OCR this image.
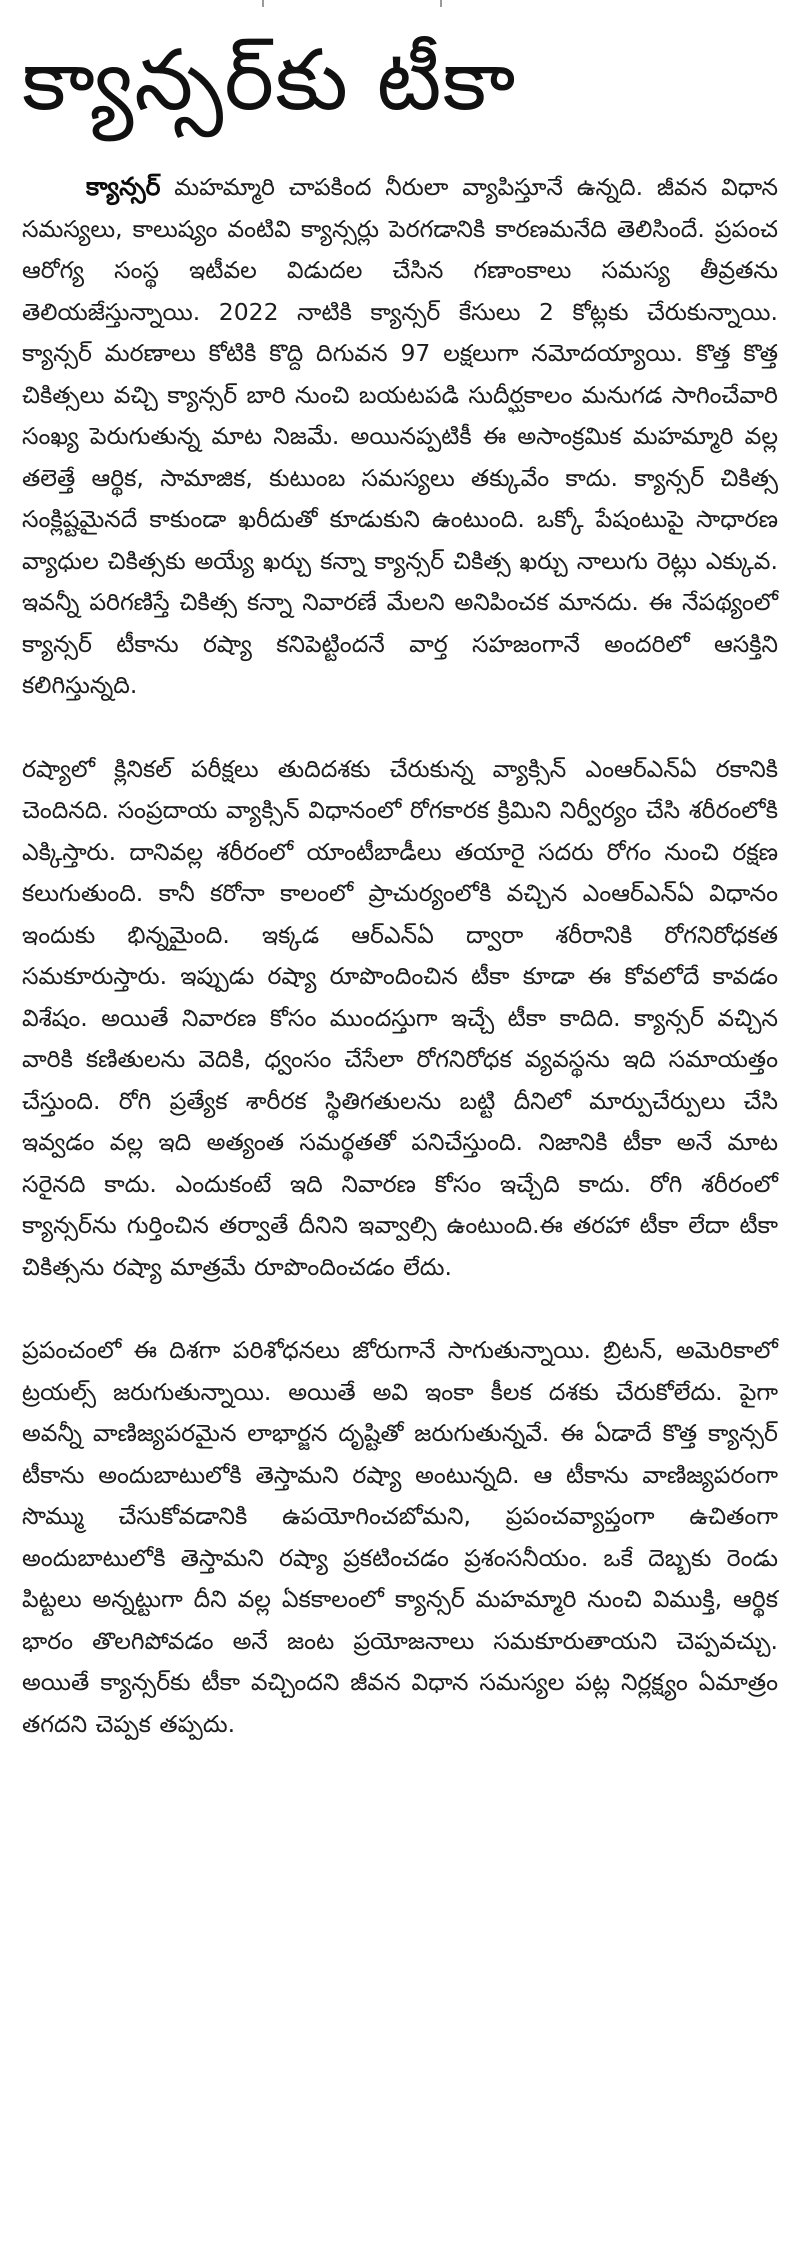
క్యాన్సర్‌కు టీకా

క్యాన్సర్ మహమ్మారి చాపకింద నీరులా వ్యాపిస్తూనే ఉన్నది. జీవన విధాన సమస్యలు, కాలుష్యం వంటివి క్యాన్సర్లు పెరగడానికి కారణమనేది తెలిసిందే. ప్రపంచ ఆరోగ్య సంస్థ ఇటీవల విడుదల చేసిన గణాంకాలు సమస్య తీవ్రతను తెలియజేస్తున్నాయి. 2022 నాటికి క్యాన్సర్ కేసులు 2 కోట్లకు చేరుకున్నాయి. క్యాన్సర్ మరణాలు కోటికి కొద్ది దిగువన 97 లక్షలుగా నమోదయ్యాయి. కొత్త కొత్త చికిత్సలు వచ్చి క్యాన్సర్ బారి నుంచి బయటపడి సుదీర్ఘకాలం మనుగడ సాగించేవారి సంఖ్య పెరుగుతున్న మాట నిజమే. అయినప్పటికీ ఈ అసాంక్రమిక మహమ్మారి వల్ల తలెత్తే ఆర్థిక, సామాజిక, కుటుంబ సమస్యలు తక్కువేం కాదు. క్యాన్సర్ చికిత్స సంక్లిష్టమైనదే కాకుండా ఖరీదుతో కూడుకుని ఉంటుంది. ఒక్కో పేషంటుపై సాధారణ వ్యాధుల చికిత్సకు అయ్యే ఖర్చు కన్నా క్యాన్సర్ చికిత్స ఖర్చు నాలుగు రెట్లు ఎక్కువ. ఇవన్నీ పరిగణిస్తే చికిత్స కన్నా నివారణే మేలని అనిపించక మానదు. ఈ నేపథ్యంలో క్యాన్సర్ టీకాను రష్యా కనిపెట్టిందనే వార్త సహజంగానే అందరిలో ఆసక్తిని కలిగిస్తున్నది.

రష్యాలో క్లినికల్ పరీక్షలు తుదిదశకు చేరుకున్న వ్యాక్సిన్ ఎంఆర్ఎన్ఏ రకానికి చెందినది. సంప్రదాయ వ్యాక్సిన్ విధానంలో రోగకారక క్రిమిని నిర్వీర్యం చేసి శరీరంలోకి ఎక్కిస్తారు. దానివల్ల శరీరంలో యాంటీబాడీలు తయారై సదరు రోగం నుంచి రక్షణ కలుగుతుంది. కానీ కరోనా కాలంలో ప్రాచుర్యంలోకి వచ్చిన ఎంఆర్ఎన్ఏ విధానం ఇందుకు భిన్నమైంది. ఇక్కడ ఆర్ఎన్ఏ ద్వారా శరీరానికి రోగనిరోధకత సమకూరుస్తారు. ఇప్పుడు రష్యా రూపొందించిన టీకా కూడా ఈ కోవలోదే కావడం విశేషం. అయితే నివారణ కోసం ముందస్తుగా ఇచ్చే టీకా కాదిది. క్యాన్సర్ వచ్చిన వారికి కణితులను వెదికి, ధ్వంసం చేసేలా రోగనిరోధక వ్యవస్థను ఇది సమాయత్తం చేస్తుంది. రోగి ప్రత్యేక శారీరక స్థితిగతులను బట్టి దీనిలో మార్పుచేర్పులు చేసి ఇవ్వడం వల్ల ఇది అత్యంత సమర్థతతో పనిచేస్తుంది. నిజానికి టీకా అనే మాట సరైనది కాదు. ఎందుకంటే ఇది నివారణ కోసం ఇచ్చేది కాదు. రోగి శరీరంలో క్యాన్సర్‌ను గుర్తించిన తర్వాతే దీనిని ఇవ్వాల్సి ఉంటుంది.ఈ తరహా టీకా లేదా టీకా చికిత్సను రష్యా మాత్రమే రూపొందించడం లేదు.

ప్రపంచంలో ఈ దిశగా పరిశోధనలు జోరుగానే సాగుతున్నాయి. బ్రిటన్, అమెరికాలో ట్రయల్స్ జరుగుతున్నాయి. అయితే అవి ఇంకా కీలక దశకు చేరుకోలేదు. పైగా అవన్నీ వాణిజ్యపరమైన లాభార్జన దృష్టితో జరుగుతున్నవే. ఈ ఏడాదే కొత్త క్యాన్సర్ టీకాను అందుబాటులోకి తెస్తామని రష్యా అంటున్నది. ఆ టీకాను వాణిజ్యపరంగా సొమ్ము చేసుకోవడానికి ఉపయోగించబోమని, ప్రపంచవ్యాప్తంగా ఉచితంగా అందుబాటులోకి తెస్తామని రష్యా ప్రకటించడం ప్రశంసనీయం. ఒకే దెబ్బకు రెండు పిట్టలు అన్నట్టుగా దీని వల్ల ఏకకాలంలో క్యాన్సర్ మహమ్మారి నుంచి విముక్తి, ఆర్థిక భారం తొలగిపోవడం అనే జంట ప్రయోజనాలు సమకూరుతాయని చెప్పవచ్చు. అయితే క్యాన్సర్‌కు టీకా వచ్చిందని జీవన విధాన సమస్యల పట్ల నిర్లక్ష్యం ఏమాత్రం తగదని చెప్పక తప్పదు.
